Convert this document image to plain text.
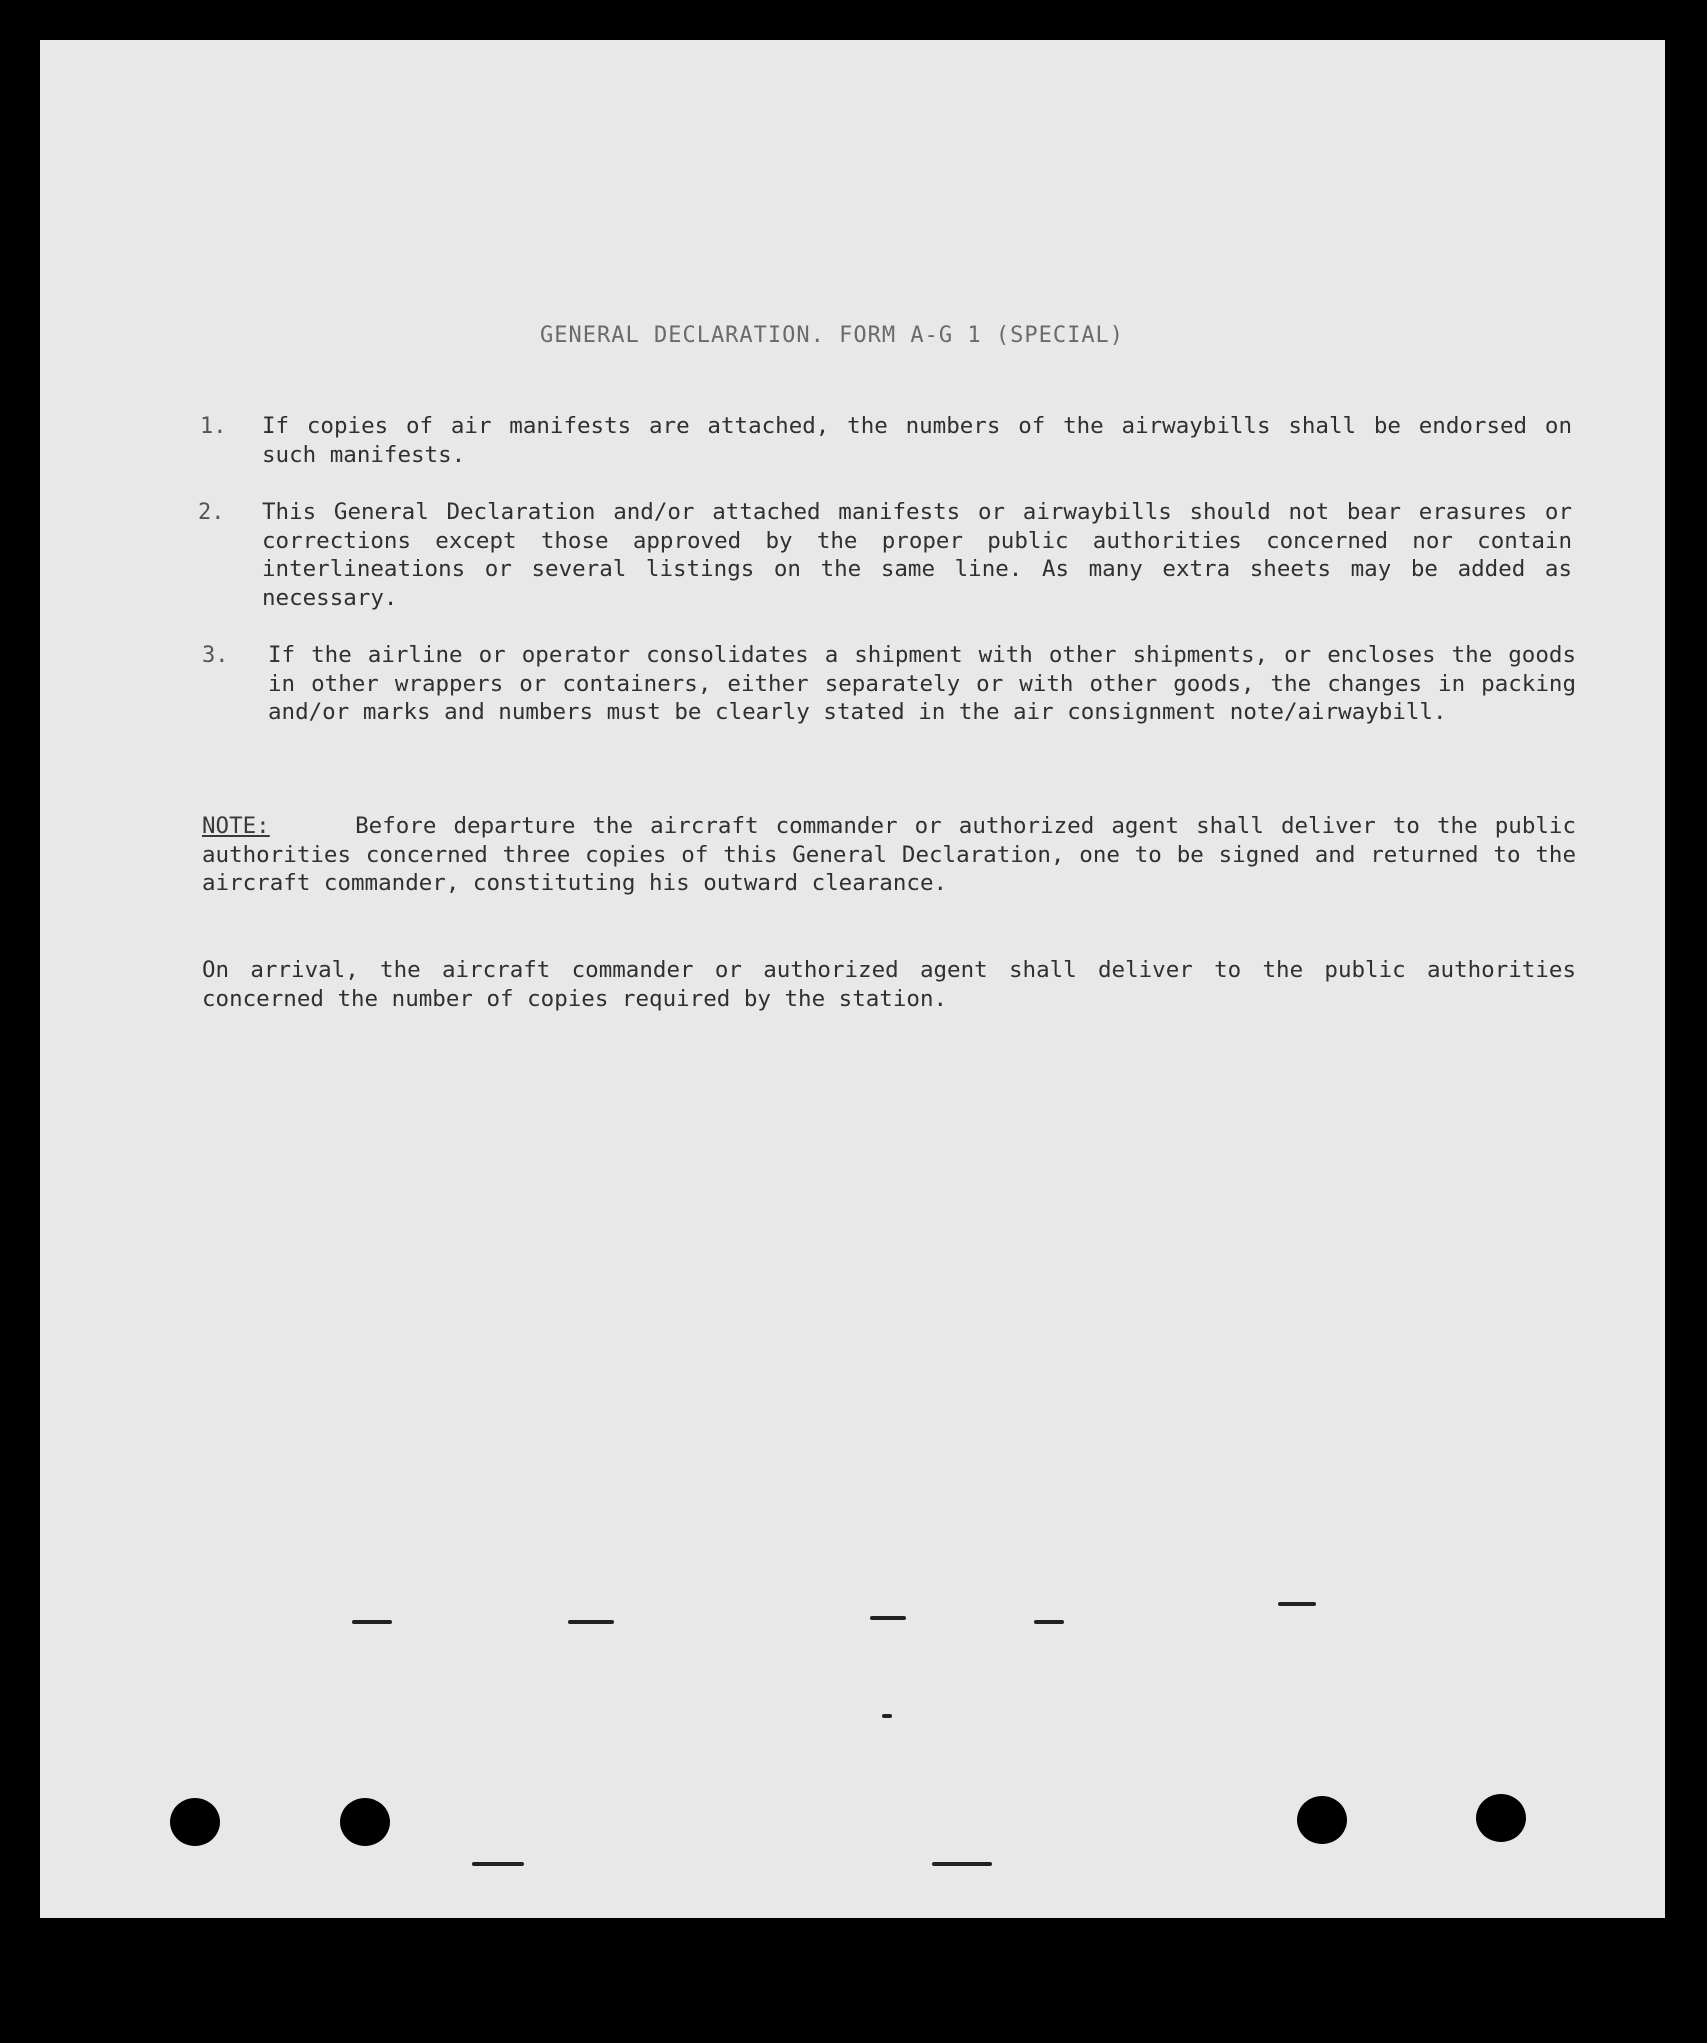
GENERAL DECLARATION. FORM A-G 1 (SPECIAL)
1. If copies of air manifests are attached, the numbers of the airwaybills shall be endorsed on such manifests.
2. This General Declaration and/or attached manifests or airwaybills should not bear erasures or corrections except those approved by the proper public authorities concerned nor contain interlineations or several listings on the same line. As many extra sheets may be added as necessary.
3. If the airline or operator consolidates a shipment with other shipments, or encloses the goods in other wrappers or containers, either separately or with other goods, the changes in packing and/or marks and numbers must be clearly stated in the air consignment note/airwaybill.
NOTE:	Before departure the aircraft commander or authorized agent shall deliver to the public authorities concerned three copies of this General Declaration, one to be signed and returned to the aircraft commander, constituting his outward clearance.
On arrival, the aircraft commander or authorized agent shall deliver to the public authorities concerned the number of copies required by the station.
